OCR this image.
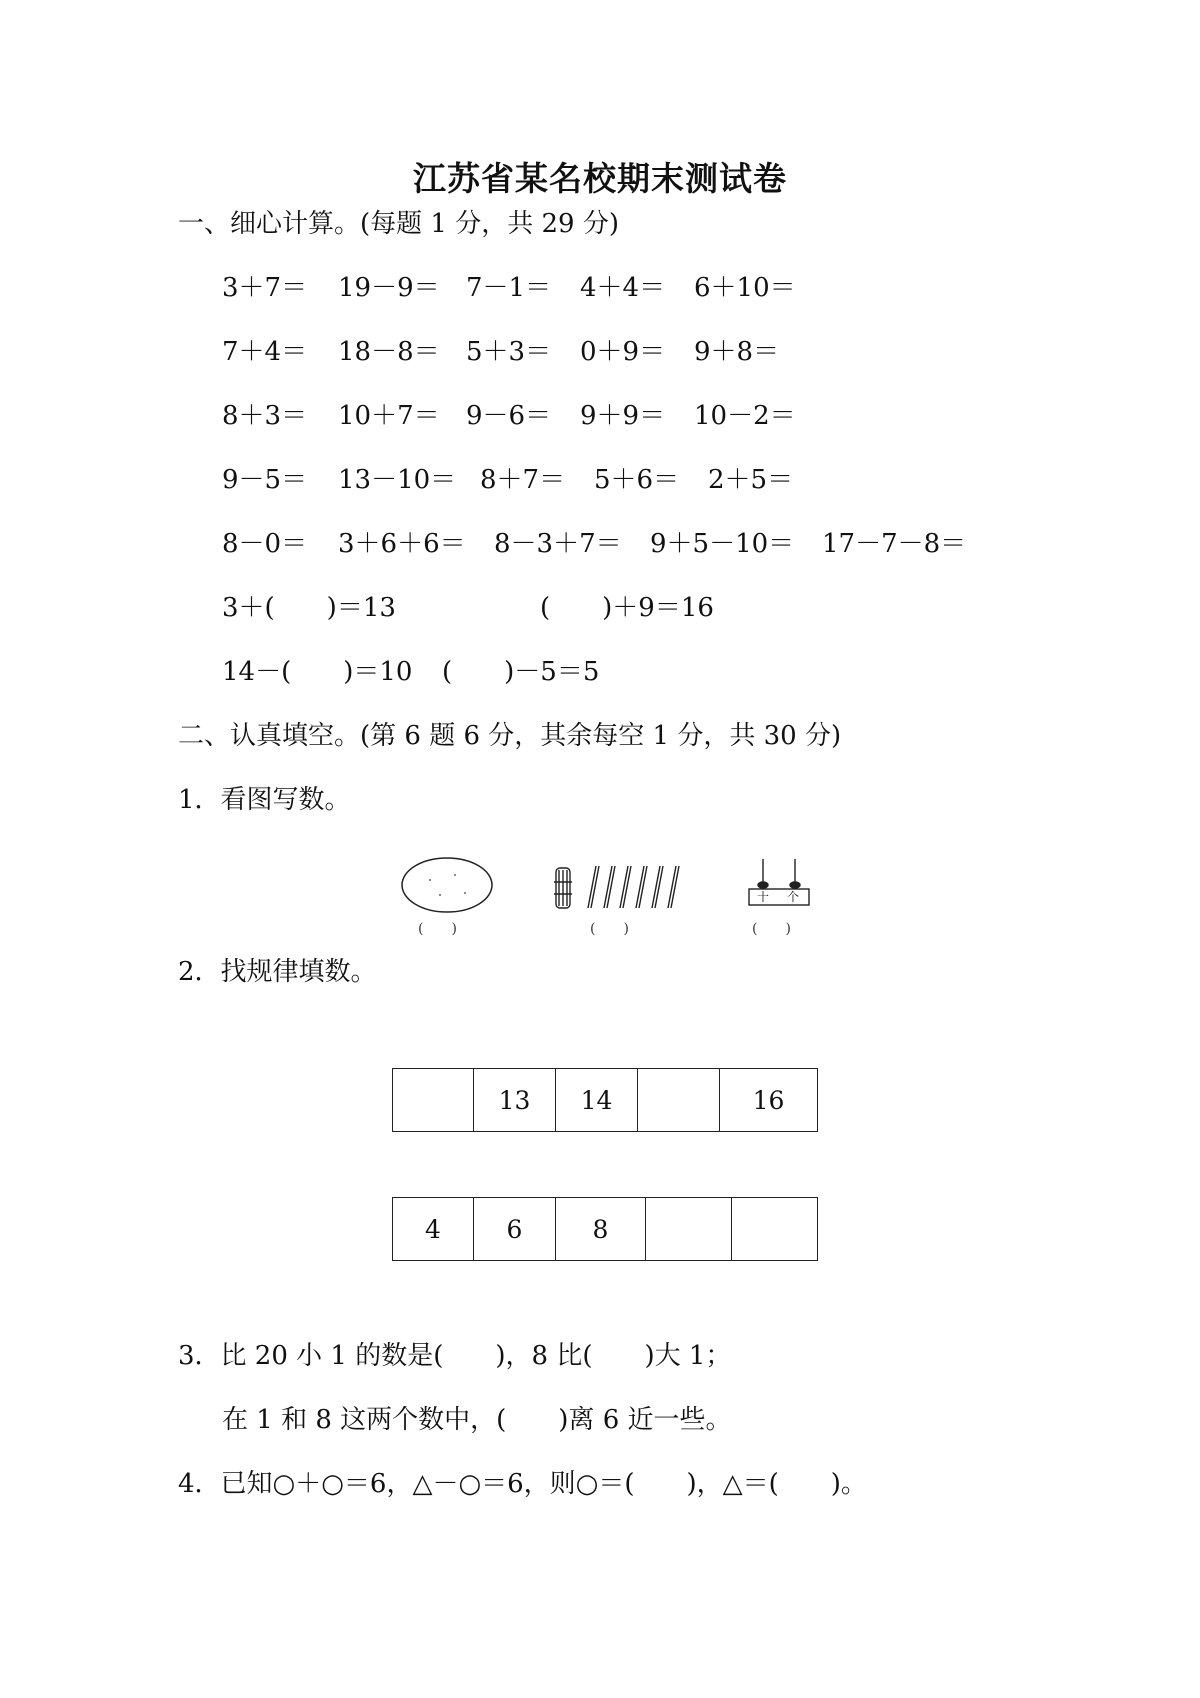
江苏省某名校期末测试卷
一、细心计算。(每题 1 分，共 29 分)
3＋7＝ 19－9＝ 7－1＝ 4＋4＝ 6＋10＝
7＋4＝ 18－8＝ 5＋3＝ 0＋9＝ 9＋8＝
8＋3＝ 10＋7＝ 9－6＝ 9＋9＝ 10－2＝
9－5＝ 13－10＝ 8＋7＝ 5＋6＝ 2＋5＝
8－0＝ 3＋6＋6＝ 8－3＋7＝ 9＋5－10＝ 17－7－8＝
3＋(　　)＝13	(　　)＋9＝16
14－(　　)＝10 (　　)－5＝5
二、认真填空。(第 6 题 6 分，其余每空 1 分，共 30 分)
1．看图写数。
(　　)	(　　)
十 个
(　　)
2．找规律填数。
	13	14		16
4	6	8		
3．比 20 小 1 的数是(　　)，8 比(　　)大 1；
在 1 和 8 这两个数中，(　　)离 6 近一些。
4．已知○＋○＝6，△－○＝6，则○＝(　　)，△＝(　　)。
